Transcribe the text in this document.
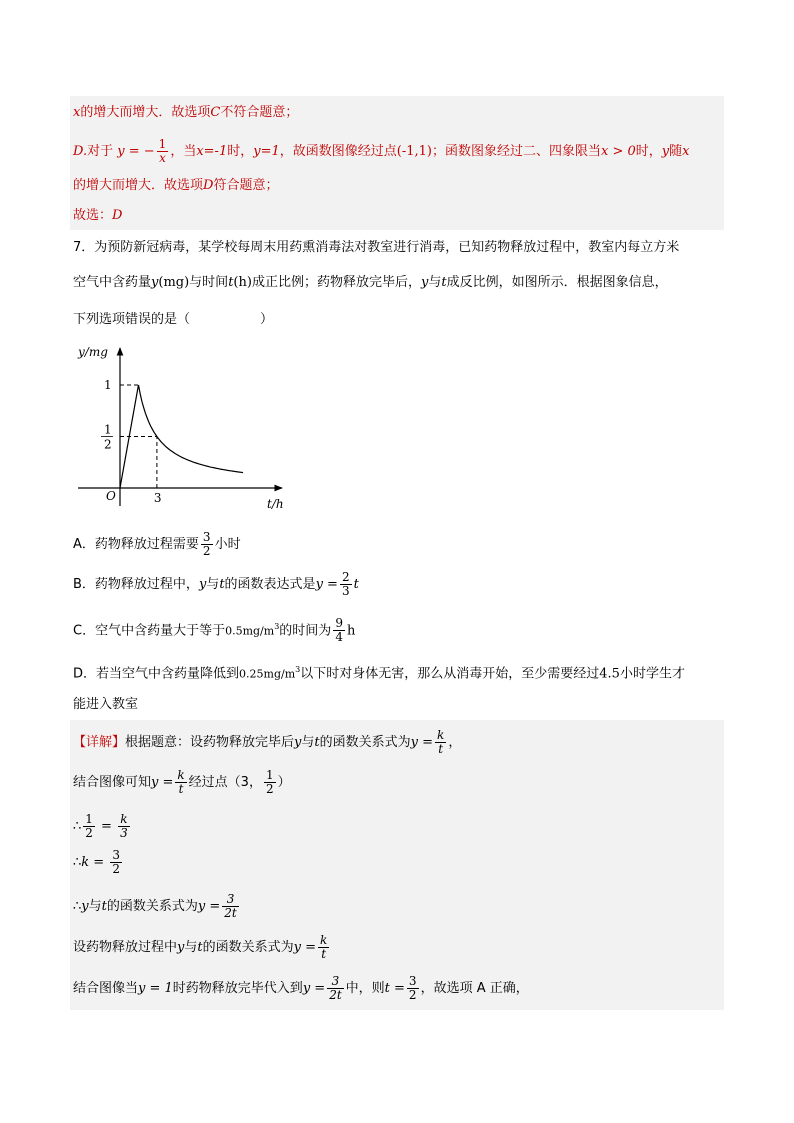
x的增大而增大．故选项C不符合题意；
D.对于 y = − $\frac{1}{x}$ ，当x=-1时，y=1，故函数图像经过点(-1,1)；函数图象经过二、四象限当x > 0时，y随x
的增大而增大．故选项D符合题意；
故选：D
7．为预防新冠病毒，某学校每周末用药熏消毒法对教室进行消毒，已知药物释放过程中，教室内每立方米
空气中含药量y(mg)与时间t(h)成正比例；药物释放完毕后，y与t成反比例，如图所示．根据图象信息，
下列选项错误的是（	）
y/mg
t/h
O
1
1
2
3
A．药物释放过程需要 $\frac{3}{2}$ 小时
B．药物释放过程中，y与t的函数表达式是$y = \frac{2}{3}$ t
C．空气中含药量大于等于$0.5mg/m^3$的时间为 $\frac{9}{4}$ h
D．若当空气中含药量降低到$0.25mg/m^3$以下时对身体无害，那么从消毒开始，至少需要经过4.5小时学生才
能进入教室
【详解】根据题意：设药物释放完毕后y与t的函数关系式为$y = \frac{k}{t}$ ，
结合图像可知$y = \frac{k}{t}$ 经过点（3， $\frac{1}{2}$ ）
∴ $\frac{1}{2} = \frac{k}{3}$
∴k = $\frac{3}{2}$
∴y与t的函数关系式为$y = \frac{3}{2t}$
设药物释放过程中y与t的函数关系式为$y = \frac{k}{t}$
结合图像当y = 1时药物释放完毕代入到$y = \frac{3}{2t}$ 中，则$t = \frac{3}{2}$ ，故选项 A 正确，
